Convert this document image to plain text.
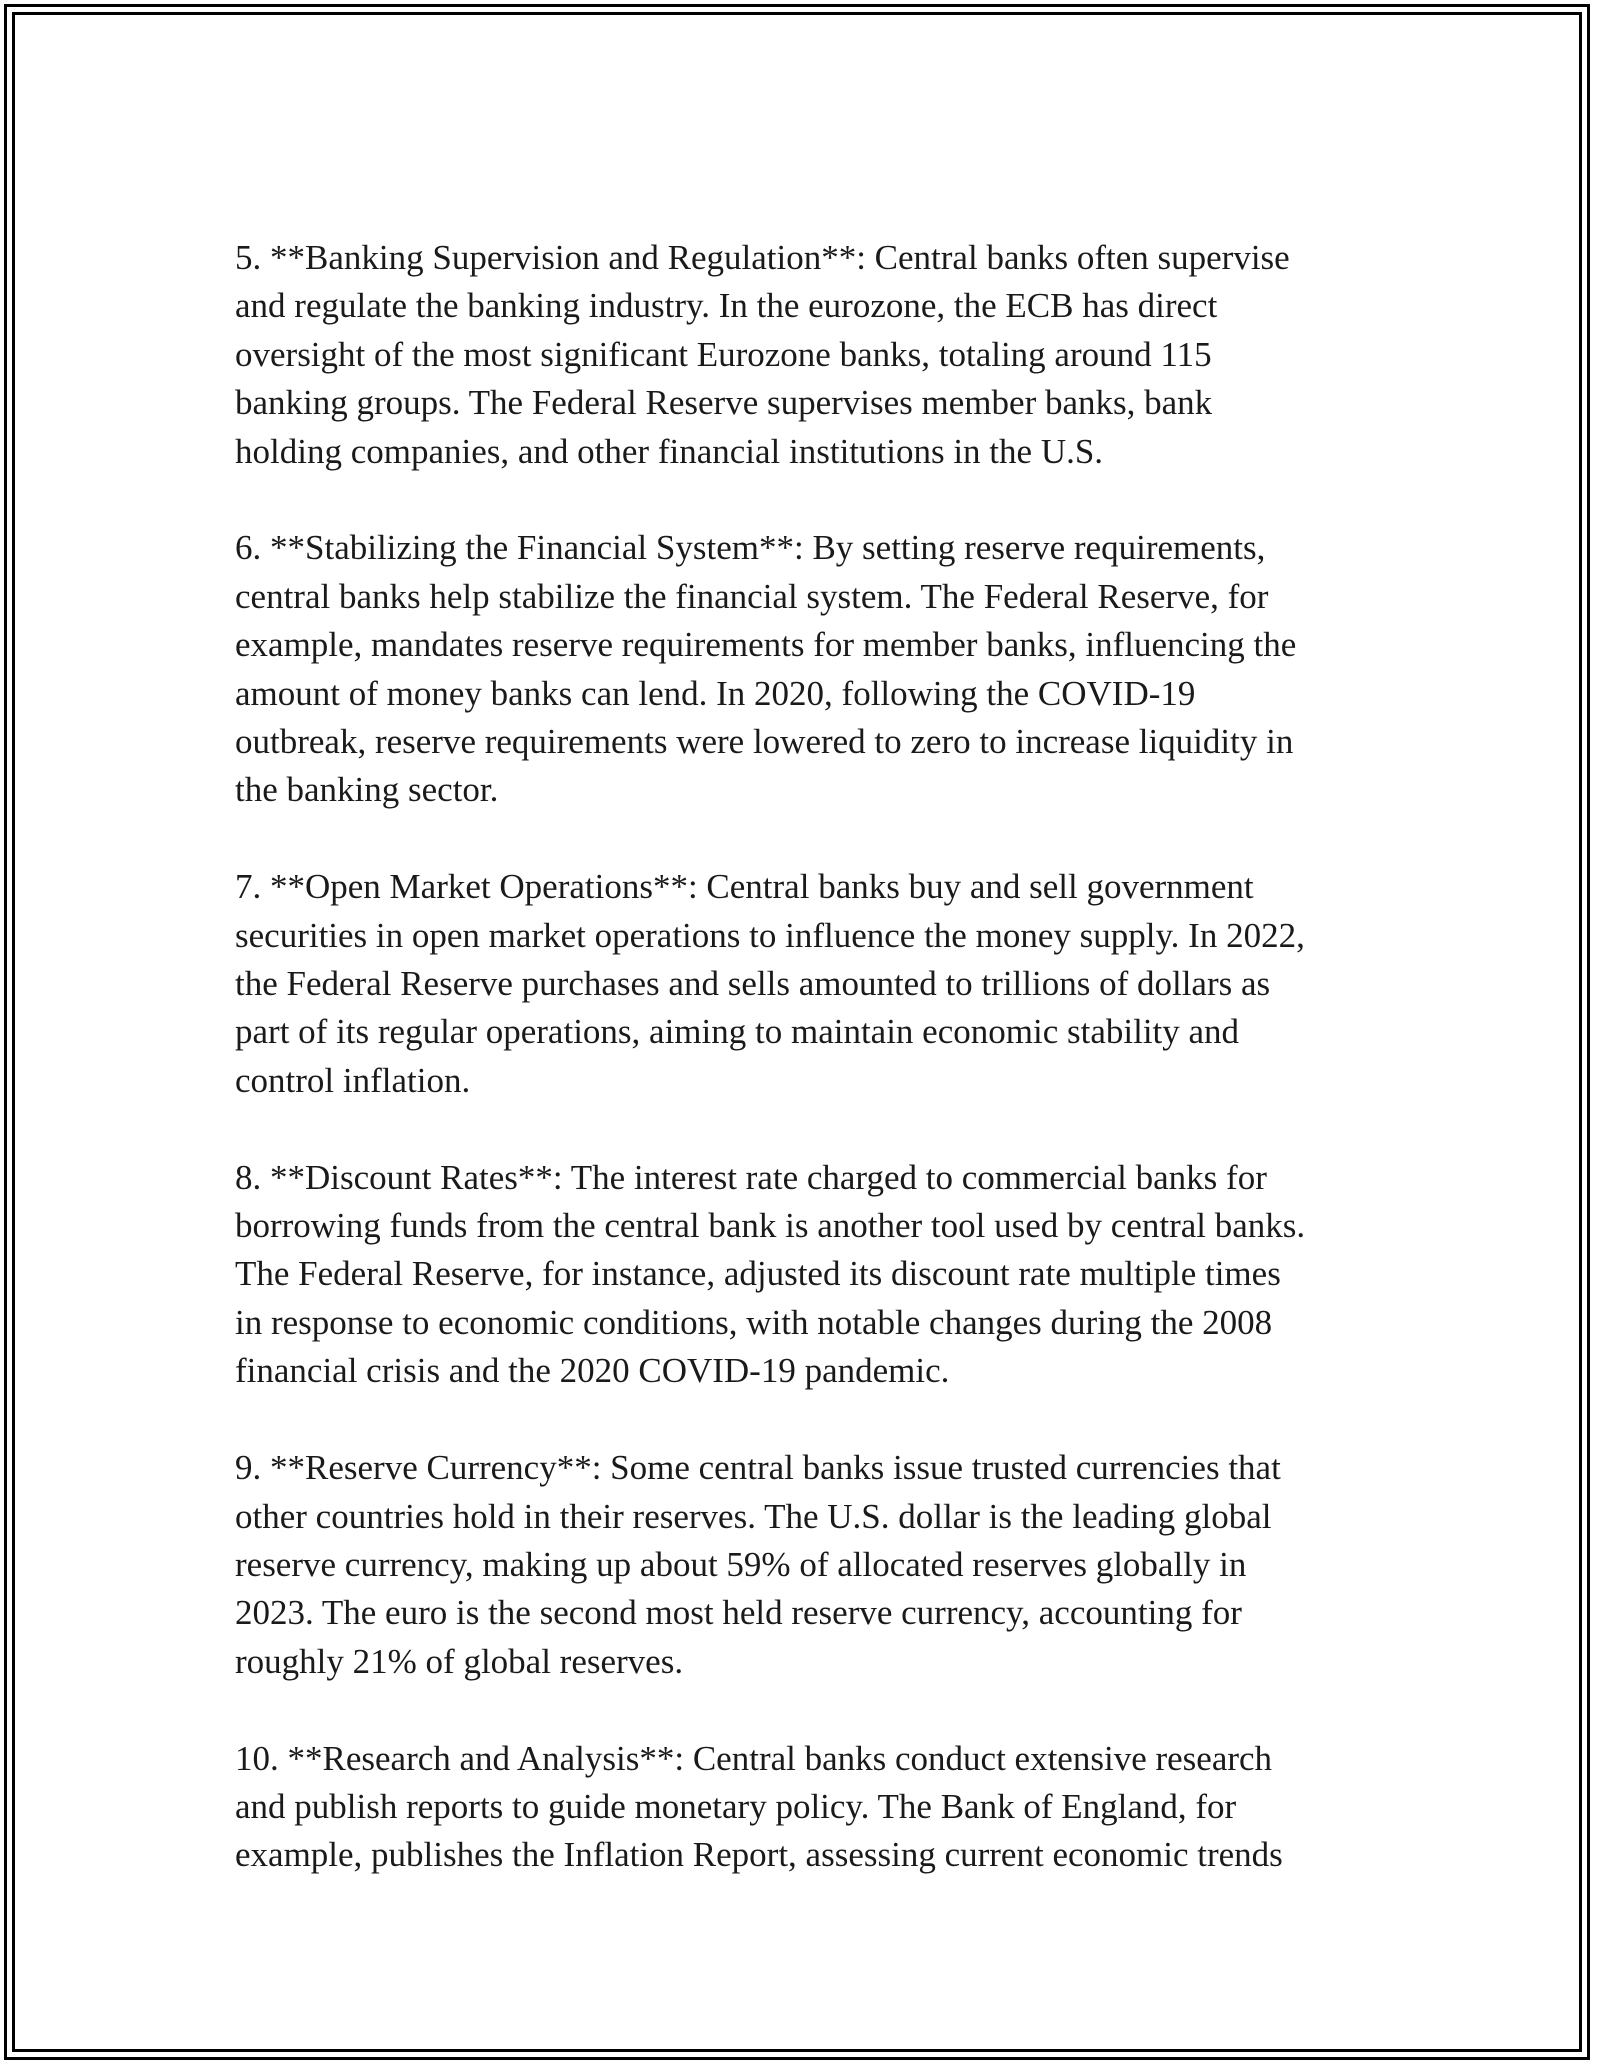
5. **Banking Supervision and Regulation**: Central banks often supervise
and regulate the banking industry. In the eurozone, the ECB has direct
oversight of the most significant Eurozone banks, totaling around 115
banking groups. The Federal Reserve supervises member banks, bank
holding companies, and other financial institutions in the U.S.

6. **Stabilizing the Financial System**: By setting reserve requirements,
central banks help stabilize the financial system. The Federal Reserve, for
example, mandates reserve requirements for member banks, influencing the
amount of money banks can lend. In 2020, following the COVID-19
outbreak, reserve requirements were lowered to zero to increase liquidity in
the banking sector.

7. **Open Market Operations**: Central banks buy and sell government
securities in open market operations to influence the money supply. In 2022,
the Federal Reserve purchases and sells amounted to trillions of dollars as
part of its regular operations, aiming to maintain economic stability and
control inflation.

8. **Discount Rates**: The interest rate charged to commercial banks for
borrowing funds from the central bank is another tool used by central banks.
The Federal Reserve, for instance, adjusted its discount rate multiple times
in response to economic conditions, with notable changes during the 2008
financial crisis and the 2020 COVID-19 pandemic.

9. **Reserve Currency**: Some central banks issue trusted currencies that
other countries hold in their reserves. The U.S. dollar is the leading global
reserve currency, making up about 59% of allocated reserves globally in
2023. The euro is the second most held reserve currency, accounting for
roughly 21% of global reserves.

10. **Research and Analysis**: Central banks conduct extensive research
and publish reports to guide monetary policy. The Bank of England, for
example, publishes the Inflation Report, assessing current economic trends
